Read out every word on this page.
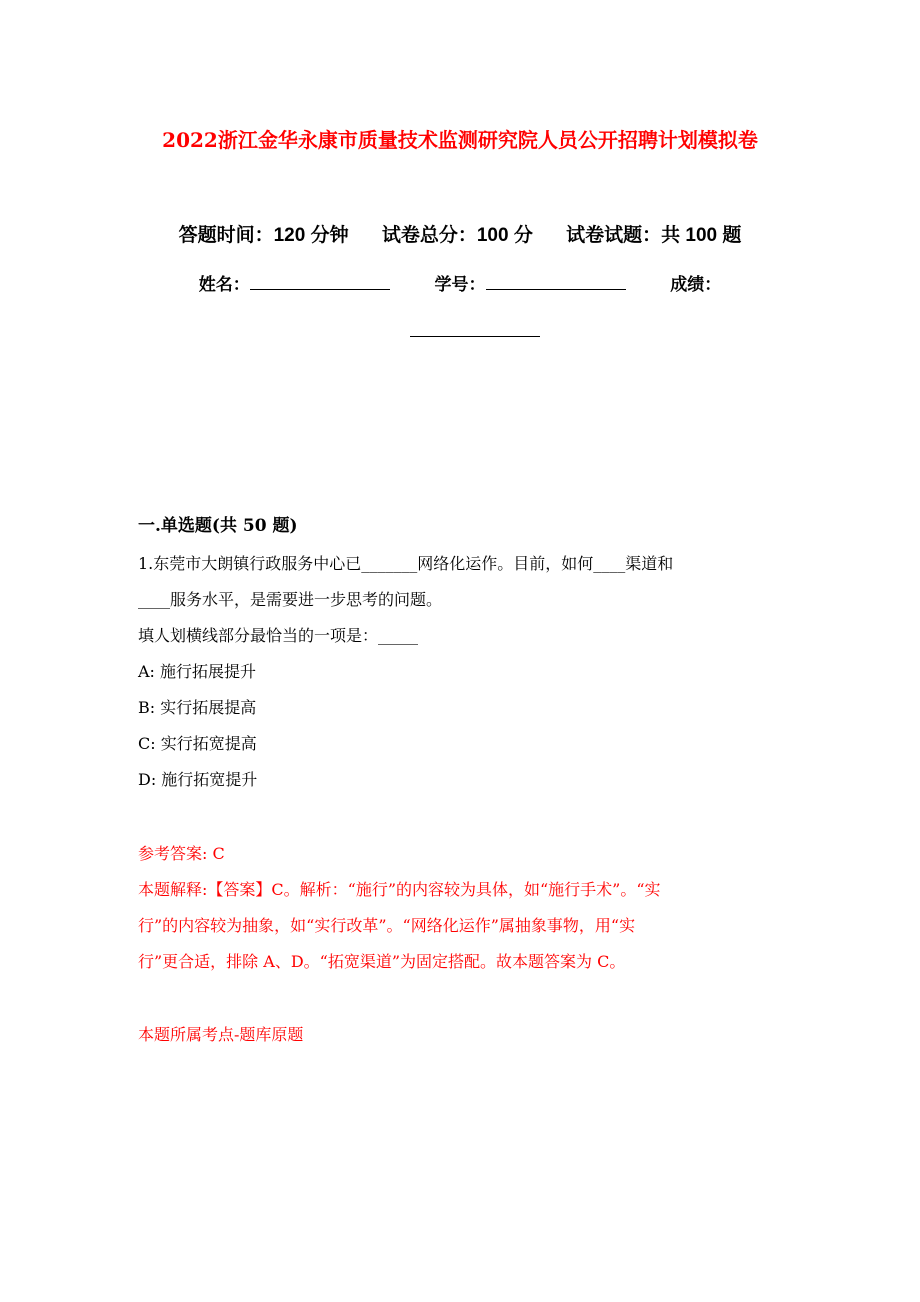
2022浙江金华永康市质量技术监测研究院人员公开招聘计划模拟卷
答题时间：120 分钟 试卷总分：100 分 试卷试题：共 100 题
姓名：	学号：	成绩：
一.单选题(共 50 题)
1.东莞市大朗镇行政服务中心已_______网络化运作。目前，如何____渠道和
____服务水平，是需要进一步思考的问题。
填人划横线部分最恰当的一项是：_____
A: 施行拓展提升
B: 实行拓展提高
C: 实行拓宽提高
D: 施行拓宽提升
参考答案: C
本题解释:【答案】C。解析：“施行”的内容较为具体，如“施行手术”。“实
行”的内容较为抽象，如“实行改革”。“网络化运作”属抽象事物，用“实
行”更合适，排除 A、D。“拓宽渠道”为固定搭配。故本题答案为 C。
本题所属考点-题库原题
